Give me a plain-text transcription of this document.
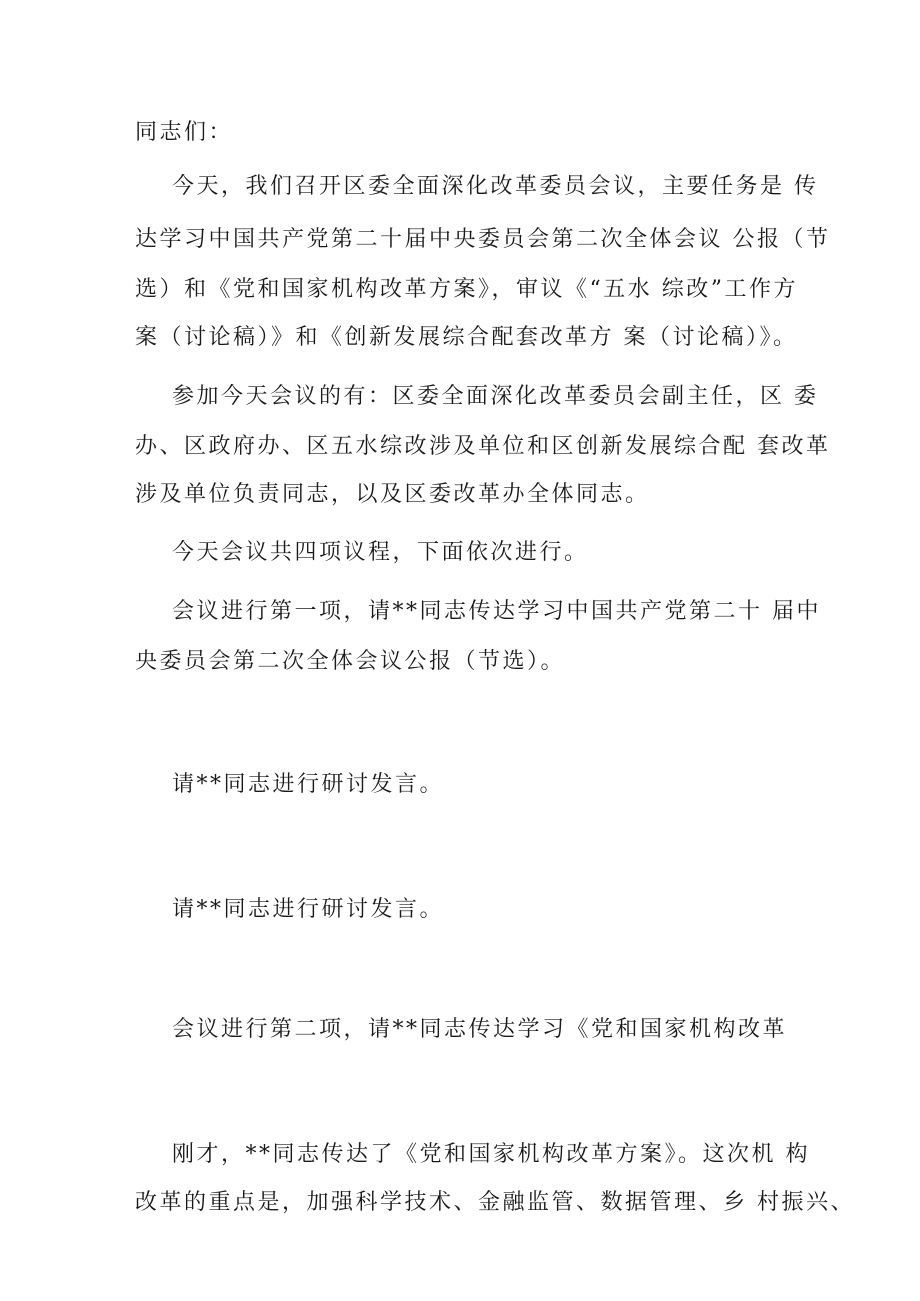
同志们：
今天，我们召开区委全面深化改革委员会议，主要任务是 传
达学习中国共产党第二十届中央委员会第二次全体会议 公报（节
选）和《党和国家机构改革方案》，审议《“五水 综改”工作方
案（讨论稿）》和《创新发展综合配套改革方 案（讨论稿）》。
参加今天会议的有：区委全面深化改革委员会副主任，区 委
办、区政府办、区五水综改涉及单位和区创新发展综合配 套改革
涉及单位负责同志，以及区委改革办全体同志。
今天会议共四项议程，下面依次进行。
会议进行第一项，请**同志传达学习中国共产党第二十 届中
央委员会第二次全体会议公报（节选）。
请**同志进行研讨发言。
请**同志进行研讨发言。
会议进行第二项，请**同志传达学习《党和国家机构改革
刚才，**同志传达了《党和国家机构改革方案》。这次机 构
改革的重点是，加强科学技术、金融监管、数据管理、乡 村振兴、
